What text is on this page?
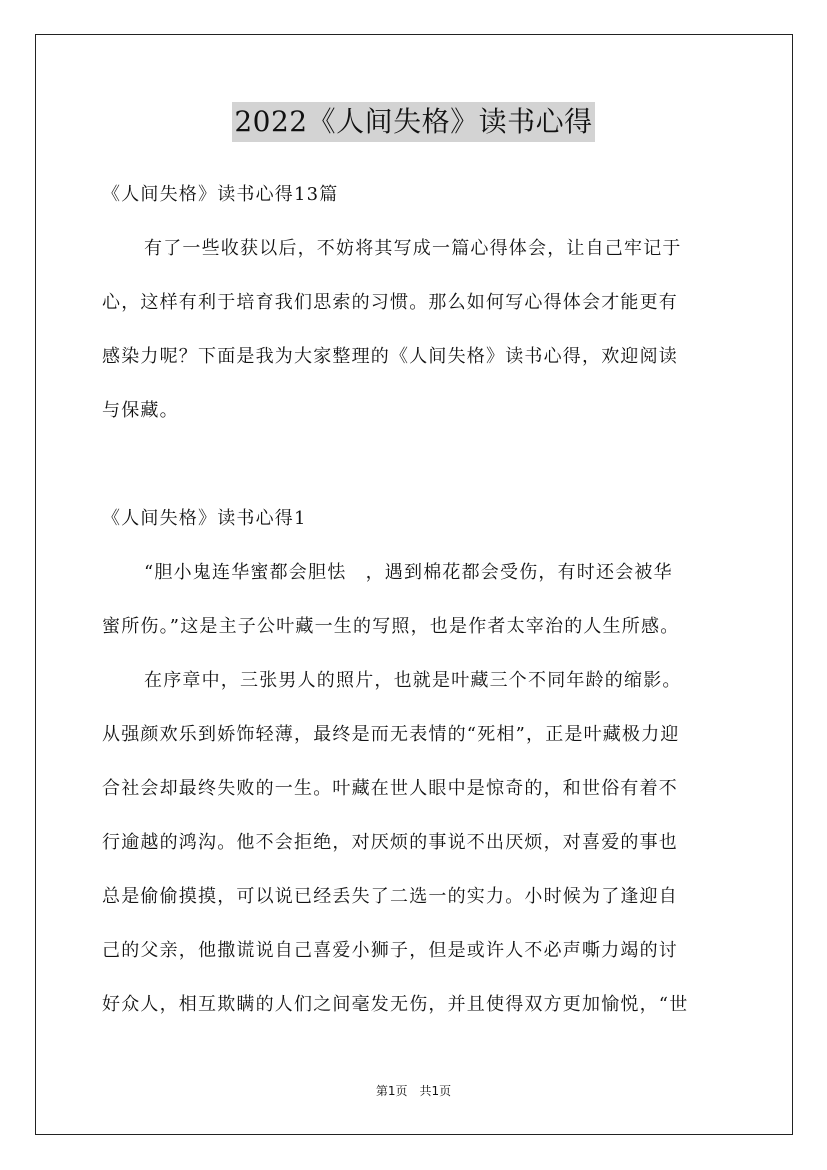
2022《人间失格》读书心得
《人间失格》读书心得13篇
有了一些收获以后，不妨将其写成一篇心得体会，让自己牢记于
心，这样有利于培育我们思索的习惯。那么如何写心得体会才能更有
感染力呢？下面是我为大家整理的《人间失格》读书心得，欢迎阅读
与保藏。
《人间失格》读书心得1
“胆小鬼连华蜜都会胆怯　，遇到棉花都会受伤，有时还会被华
蜜所伤。”这是主子公叶藏一生的写照，也是作者太宰治的人生所感。
在序章中，三张男人的照片，也就是叶藏三个不同年龄的缩影。
从强颜欢乐到娇饰轻薄，最终是而无表情的“死相”，正是叶藏极力迎
合社会却最终失败的一生。叶藏在世人眼中是惊奇的，和世俗有着不
行逾越的鸿沟。他不会拒绝，对厌烦的事说不出厌烦，对喜爱的事也
总是偷偷摸摸，可以说已经丢失了二选一的实力。小时候为了逢迎自
己的父亲，他撒谎说自己喜爱小狮子，但是或许人不必声嘶力竭的讨
好众人，相互欺瞒的人们之间毫发无伤，并且使得双方更加愉悦，“世
第1页　共1页
